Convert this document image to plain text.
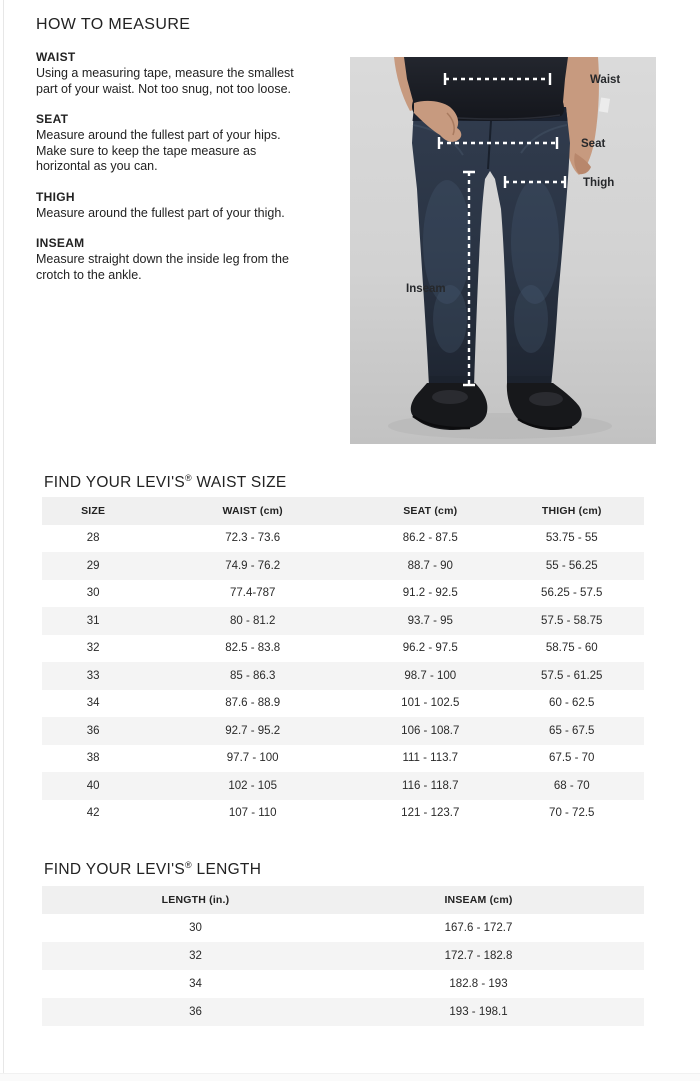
HOW TO MEASURE

WAIST

Using a measuring tape, measure the smallest part of your waist. Not too snug, not too loose.

SEAT

Measure around the fullest part of your hips. Make sure to keep the tape measure as horizontal as you can.

THIGH

Measure around the fullest part of your thigh.

INSEAM

Measure straight down the inside leg from the crotch to the ankle.

Waist
Seat
Thigh
Inseam
FIND YOUR LEVI'S® WAIST SIZE
SIZE	WAIST (cm)	SEAT (cm)	THIGH (cm)
28	72.3 - 73.6	86.2 - 87.5	53.75 - 55
29	74.9 - 76.2	88.7 - 90	55 - 56.25
30	77.4-787	91.2 - 92.5	56.25 - 57.5
31	80 - 81.2	93.7 - 95	57.5 - 58.75
32	82.5 - 83.8	96.2 - 97.5	58.75 - 60
33	85 - 86.3	98.7 - 100	57.5 - 61.25
34	87.6 - 88.9	101 - 102.5	60 - 62.5
36	92.7 - 95.2	106 - 108.7	65 - 67.5
38	97.7 - 100	111 - 113.7	67.5 - 70
40	102 - 105	116 - 118.7	68 - 70
42	107 - 110	121 - 123.7	70 - 72.5
FIND YOUR LEVI'S® LENGTH
LENGTH (in.)	INSEAM (cm)
30	167.6 - 172.7
32	172.7 - 182.8
34	182.8 - 193
36	193 - 198.1
